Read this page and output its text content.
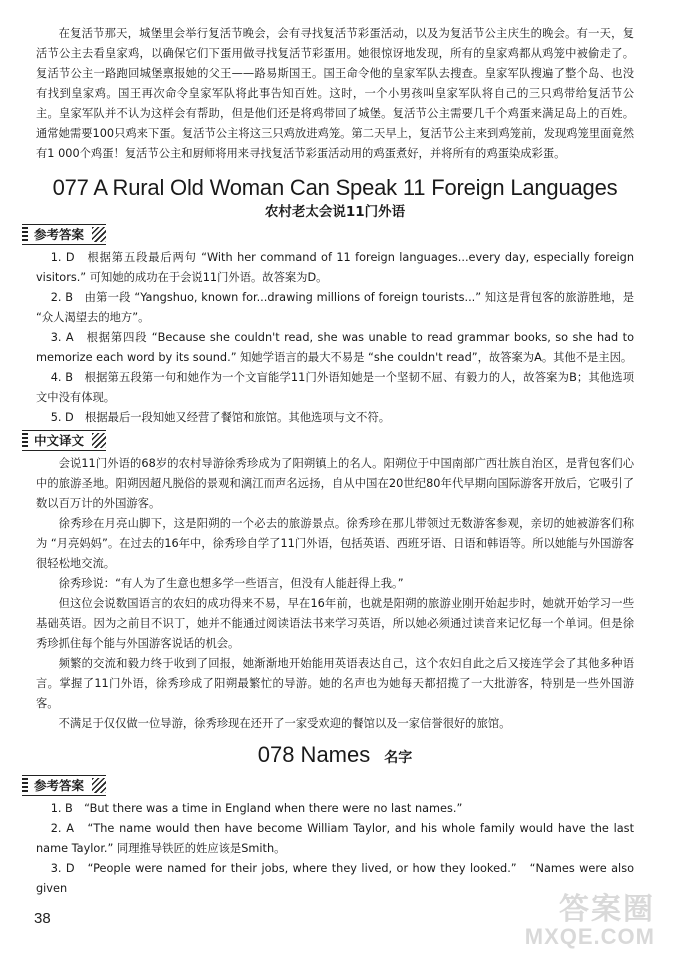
在复活节那天，城堡里会举行复活节晚会，会有寻找复活节彩蛋活动，以及为复活节公主庆生的晚会。有一天，复活节公主去看皇家鸡，以确保它们下蛋用做寻找复活节彩蛋用。她很惊讶地发现，所有的皇家鸡都从鸡笼中被偷走了。复活节公主一路跑回城堡禀报她的父王——路易斯国王。国王命令他的皇家军队去搜查。皇家军队搜遍了整个岛、也没有找到皇家鸡。国王再次命令皇家军队将此事告知百姓。这时，一个小男孩叫皇家军队将自己的三只鸡带给复活节公主。皇家军队并不认为这样会有帮助，但是他们还是将鸡带回了城堡。复活节公主需要几千个鸡蛋来满足岛上的百姓。通常她需要100只鸡来下蛋。复活节公主将这三只鸡放进鸡笼。第二天早上，复活节公主来到鸡笼前，发现鸡笼里面竟然有1 000个鸡蛋！复活节公主和厨师将用来寻找复活节彩蛋活动用的鸡蛋煮好，并将所有的鸡蛋染成彩蛋。

077 A Rural Old Woman Can Speak 11 Foreign Languages
农村老太会说11门外语
参考答案

1. D　根据第五段最后两句 “With her command of 11 foreign languages...every day, especially foreign visitors.” 可知她的成功在于会说11门外语。故答案为D。

2. B　由第一段 “Yangshuo, known for...drawing millions of foreign tourists...” 知这是背包客的旅游胜地，是 “众人渴望去的地方”。

3. A　根据第四段 “Because she couldn't read, she was unable to read grammar books, so she had to memorize each word by its sound.” 知她学语言的最大不易是 “she couldn't read”，故答案为A。其他不是主因。

4. B　根据第五段第一句和她作为一个文盲能学11门外语知她是一个坚韧不屈、有毅力的人，故答案为B；其他选项文中没有体现。

5. D　根据最后一段知她又经营了餐馆和旅馆。其他选项与文不符。

中文译文

会说11门外语的68岁的农村导游徐秀珍成为了阳朔镇上的名人。阳朔位于中国南部广西壮族自治区，是背包客们心中的旅游圣地。阳朔因超凡脱俗的景观和漓江而声名远扬，自从中国在20世纪80年代早期向国际游客开放后，它吸引了数以百万计的外国游客。

徐秀珍在月亮山脚下，这是阳朔的一个必去的旅游景点。徐秀珍在那儿带领过无数游客参观，亲切的她被游客们称为 “月亮妈妈”。在过去的16年中，徐秀珍自学了11门外语，包括英语、西班牙语、日语和韩语等。所以她能与外国游客很轻松地交流。

徐秀珍说：“有人为了生意也想多学一些语言，但没有人能赶得上我。”

但这位会说数国语言的农妇的成功得来不易，早在16年前，也就是阳朔的旅游业刚开始起步时，她就开始学习一些基础英语。因为之前目不识丁，她并不能通过阅读语法书来学习英语，所以她必须通过读音来记忆每一个单词。但是徐秀珍抓住每个能与外国游客说话的机会。

频繁的交流和毅力终于收到了回报，她渐渐地开始能用英语表达自己，这个农妇自此之后又接连学会了其他多种语言。掌握了11门外语，徐秀珍成了阳朔最繁忙的导游。她的名声也为她每天都招揽了一大批游客，特别是一些外国游客。

不满足于仅仅做一位导游，徐秀珍现在还开了一家受欢迎的餐馆以及一家信誉很好的旅馆。

078 Names 名字
参考答案

1. B　“But there was a time in England when there were no last names.”

2. A　“The name would then have become William Taylor, and his whole family would have the last name Taylor.” 同理推导铁匠的姓应该是Smith。

3. D　“People were named for their jobs, where they lived, or how they looked.”　“Names were also given

38	答案圈
MXQE.COM
